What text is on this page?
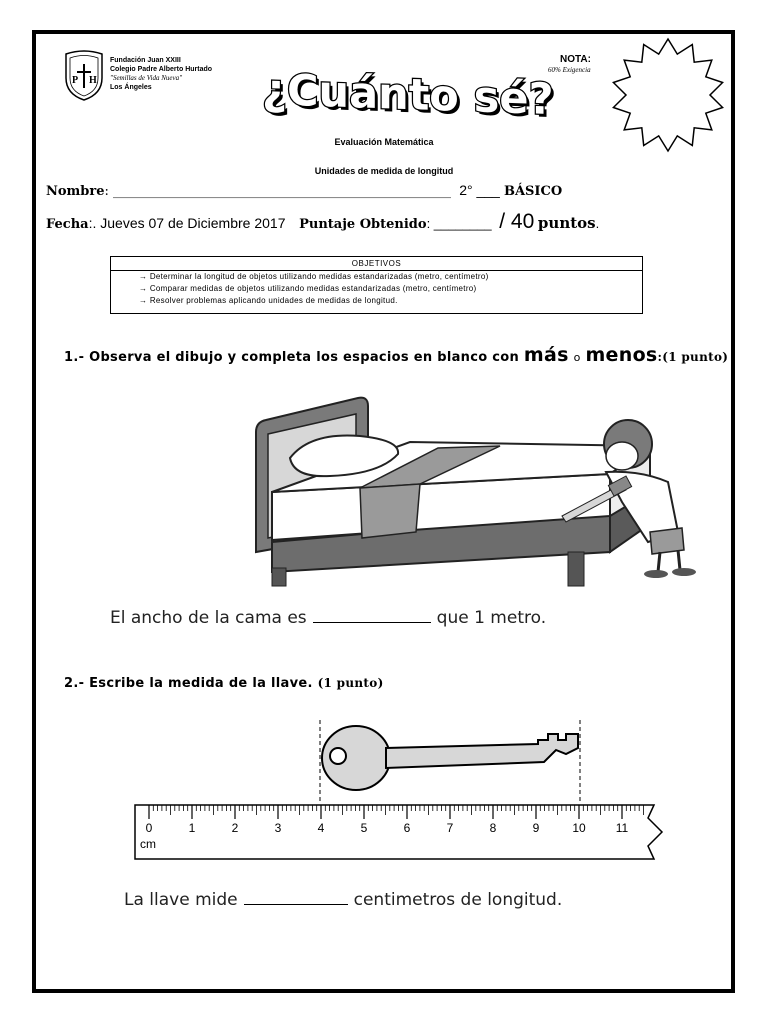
P H
Fundación Juan XXIII
Colegio Padre Alberto Hurtado
"Semillas de Vida Nueva"
Los Ángeles	¿Cuánto sé?
NOTA:
60% Exigencia
Evaluación Matemática
Unidades de medida de longitud
Nombre: ____________________________________________________ 2° ___ BÁSICO
Fecha:. Jueves 07 de Diciembre 2017 Puntaje Obtenido: ________ / 40 puntos.
OBJETIVOS
→ Determinar la longitud de objetos utilizando medidas estandarizadas (metro, centímetro)
→ Comparar medidas de objetos utilizando medidas estandarizadas (metro, centímetro)
→ Resolver problemas aplicando unidades de medidas de longitud.
1.- Observa el dibujo y completa los espacios en blanco con más o menos:(1 punto)
El ancho de la cama es	que 1 metro.
2.- Escribe la medida de la llave. (1 punto)
0	1	2	3	4	5	6	7	8	9	10	11
cm
La llave mide	centimetros de longitud.
